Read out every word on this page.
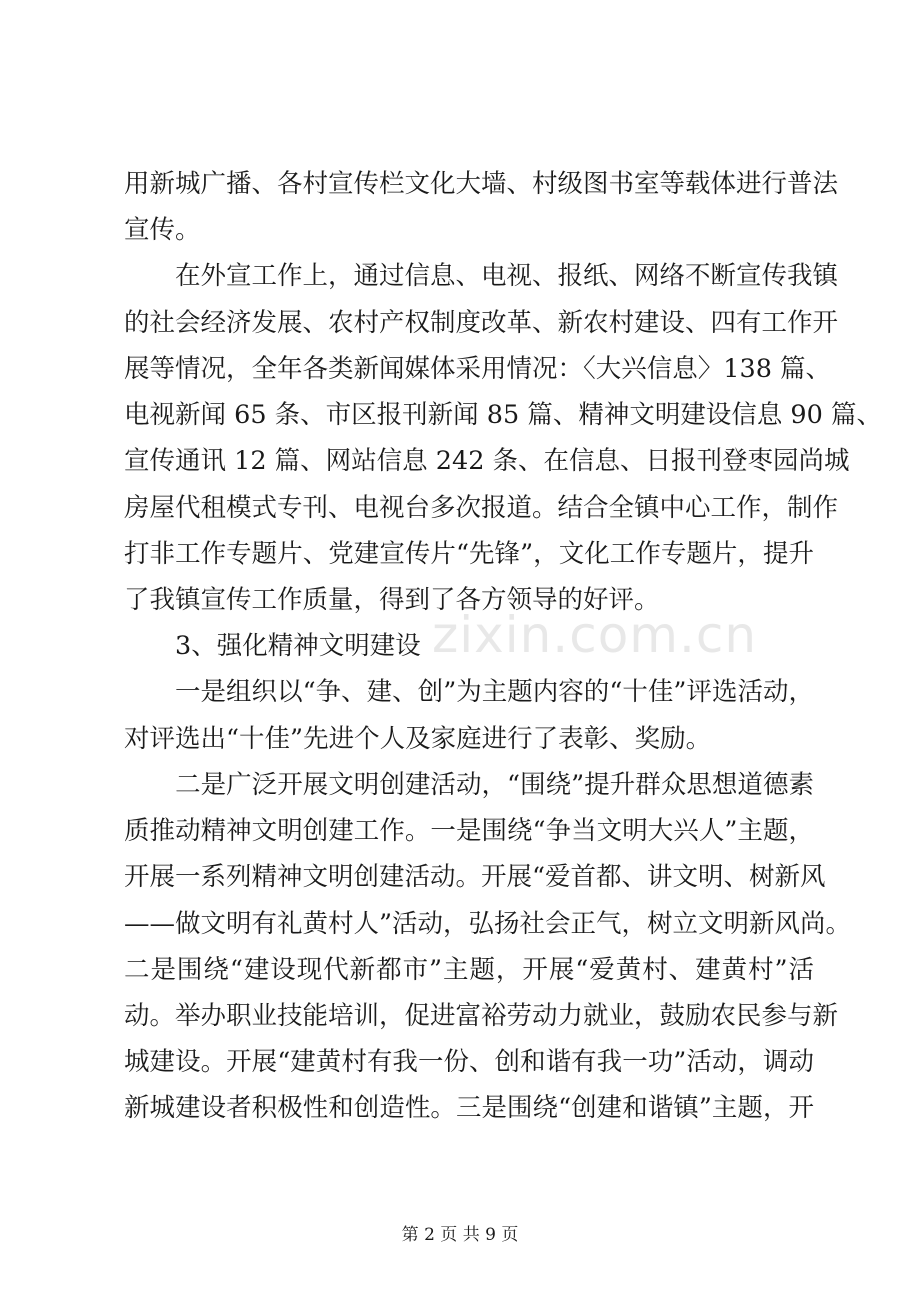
用新城广播、各村宣传栏文化大墙、村级图书室等载体进行普法
宣传。
　　在外宣工作上，通过信息、电视、报纸、网络不断宣传我镇
的社会经济发展、农村产权制度改革、新农村建设、四有工作开
展等情况，全年各类新闻媒体采用情况：〈大兴信息〉138 篇、
电视新闻 65 条、市区报刊新闻 85 篇、精神文明建设信息 90 篇、
宣传通讯 12 篇、网站信息 242 条、在信息、日报刊登枣园尚城
房屋代租模式专刊、电视台多次报道。结合全镇中心工作，制作
打非工作专题片、党建宣传片“先锋”，文化工作专题片，提升
了我镇宣传工作质量，得到了各方领导的好评。
　　3、强化精神文明建设
　　一是组织以“争、建、创”为主题内容的“十佳”评选活动，
对评选出“十佳”先进个人及家庭进行了表彰、奖励。
　　二是广泛开展文明创建活动，“围绕”提升群众思想道德素
质推动精神文明创建工作。一是围绕“争当文明大兴人”主题，
开展一系列精神文明创建活动。开展“爱首都、讲文明、树新风
——做文明有礼黄村人”活动，弘扬社会正气，树立文明新风尚。
二是围绕“建设现代新都市”主题，开展“爱黄村、建黄村”活
动。举办职业技能培训，促进富裕劳动力就业，鼓励农民参与新
城建设。开展“建黄村有我一份、创和谐有我一功”活动，调动
新城建设者积极性和创造性。三是围绕“创建和谐镇”主题，开
zixin.com.cn
第 2 页 共 9 页
